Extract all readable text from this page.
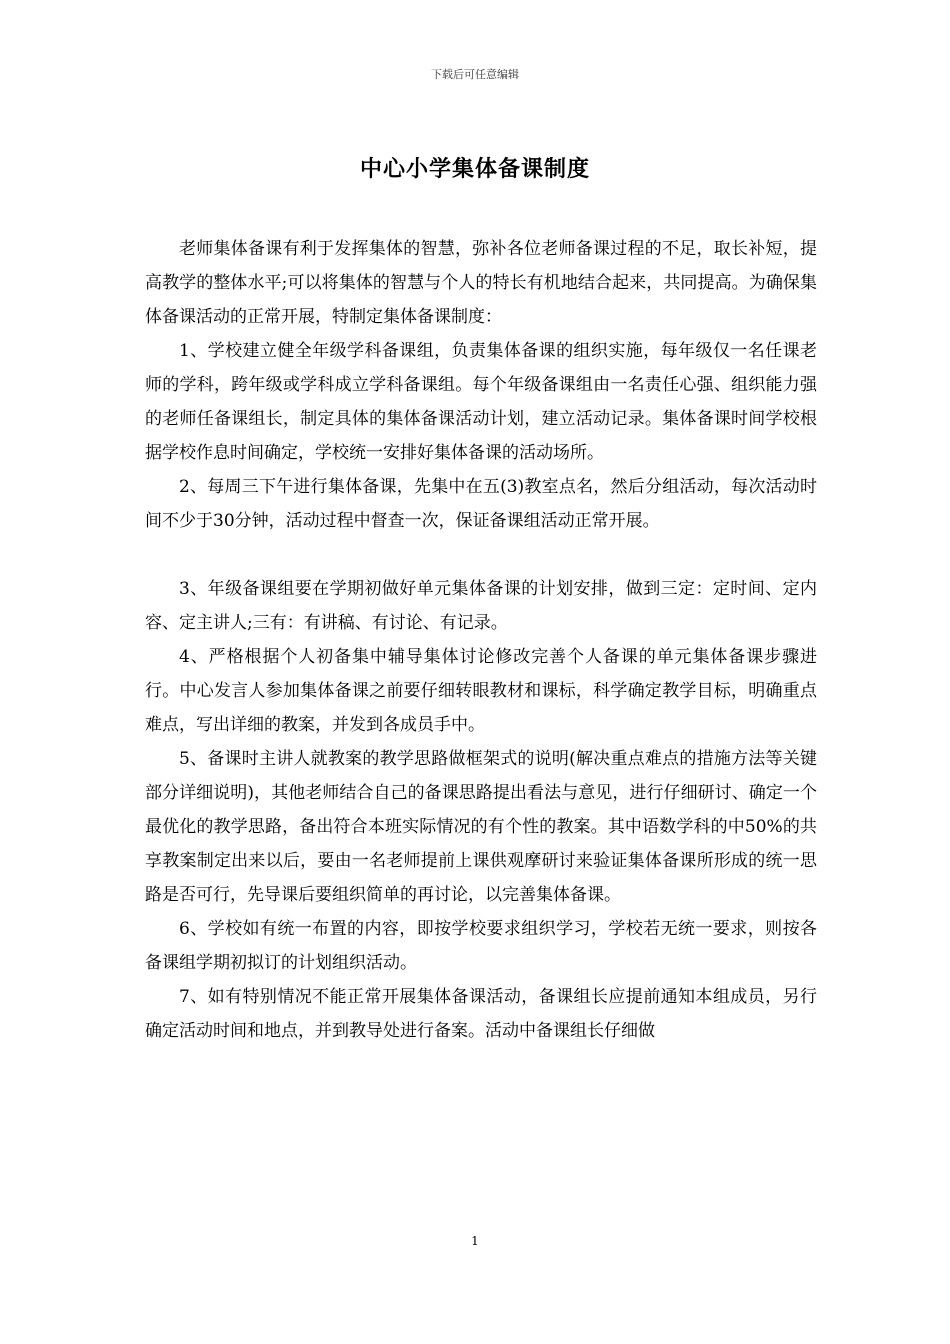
下载后可任意编辑
中心小学集体备课制度

老师集体备课有利于发挥集体的智慧，弥补各位老师备课过程的不足，取长补短，提高教学的整体水平;可以将集体的智慧与个人的特长有机地结合起来，共同提高。为确保集体备课活动的正常开展，特制定集体备课制度：

1、学校建立健全年级学科备课组，负责集体备课的组织实施，每年级仅一名任课老师的学科，跨年级或学科成立学科备课组。每个年级备课组由一名责任心强、组织能力强的老师任备课组长，制定具体的集体备课活动计划，建立活动记录。集体备课时间学校根据学校作息时间确定，学校统一安排好集体备课的活动场所。

2、每周三下午进行集体备课，先集中在五(3)教室点名，然后分组活动，每次活动时间不少于30分钟，活动过程中督查一次，保证备课组活动正常开展。

3、年级备课组要在学期初做好单元集体备课的计划安排，做到三定：定时间、定内容、定主讲人;三有：有讲稿、有讨论、有记录。

4、严格根据个人初备集中辅导集体讨论修改完善个人备课的单元集体备课步骤进行。中心发言人参加集体备课之前要仔细转眼教材和课标，科学确定教学目标，明确重点难点，写出详细的教案，并发到各成员手中。

5、备课时主讲人就教案的教学思路做框架式的说明(解决重点难点的措施方法等关键部分详细说明)，其他老师结合自己的备课思路提出看法与意见，进行仔细研讨、确定一个最优化的教学思路，备出符合本班实际情况的有个性的教案。其中语数学科的中50%的共享教案制定出来以后，要由一名老师提前上课供观摩研讨来验证集体备课所形成的统一思路是否可行，先导课后要组织简单的再讨论，以完善集体备课。

6、学校如有统一布置的内容，即按学校要求组织学习，学校若无统一要求，则按各备课组学期初拟订的计划组织活动。

7、如有特别情况不能正常开展集体备课活动，备课组长应提前通知本组成员，另行确定活动时间和地点，并到教导处进行备案。活动中备课组长仔细做

1
